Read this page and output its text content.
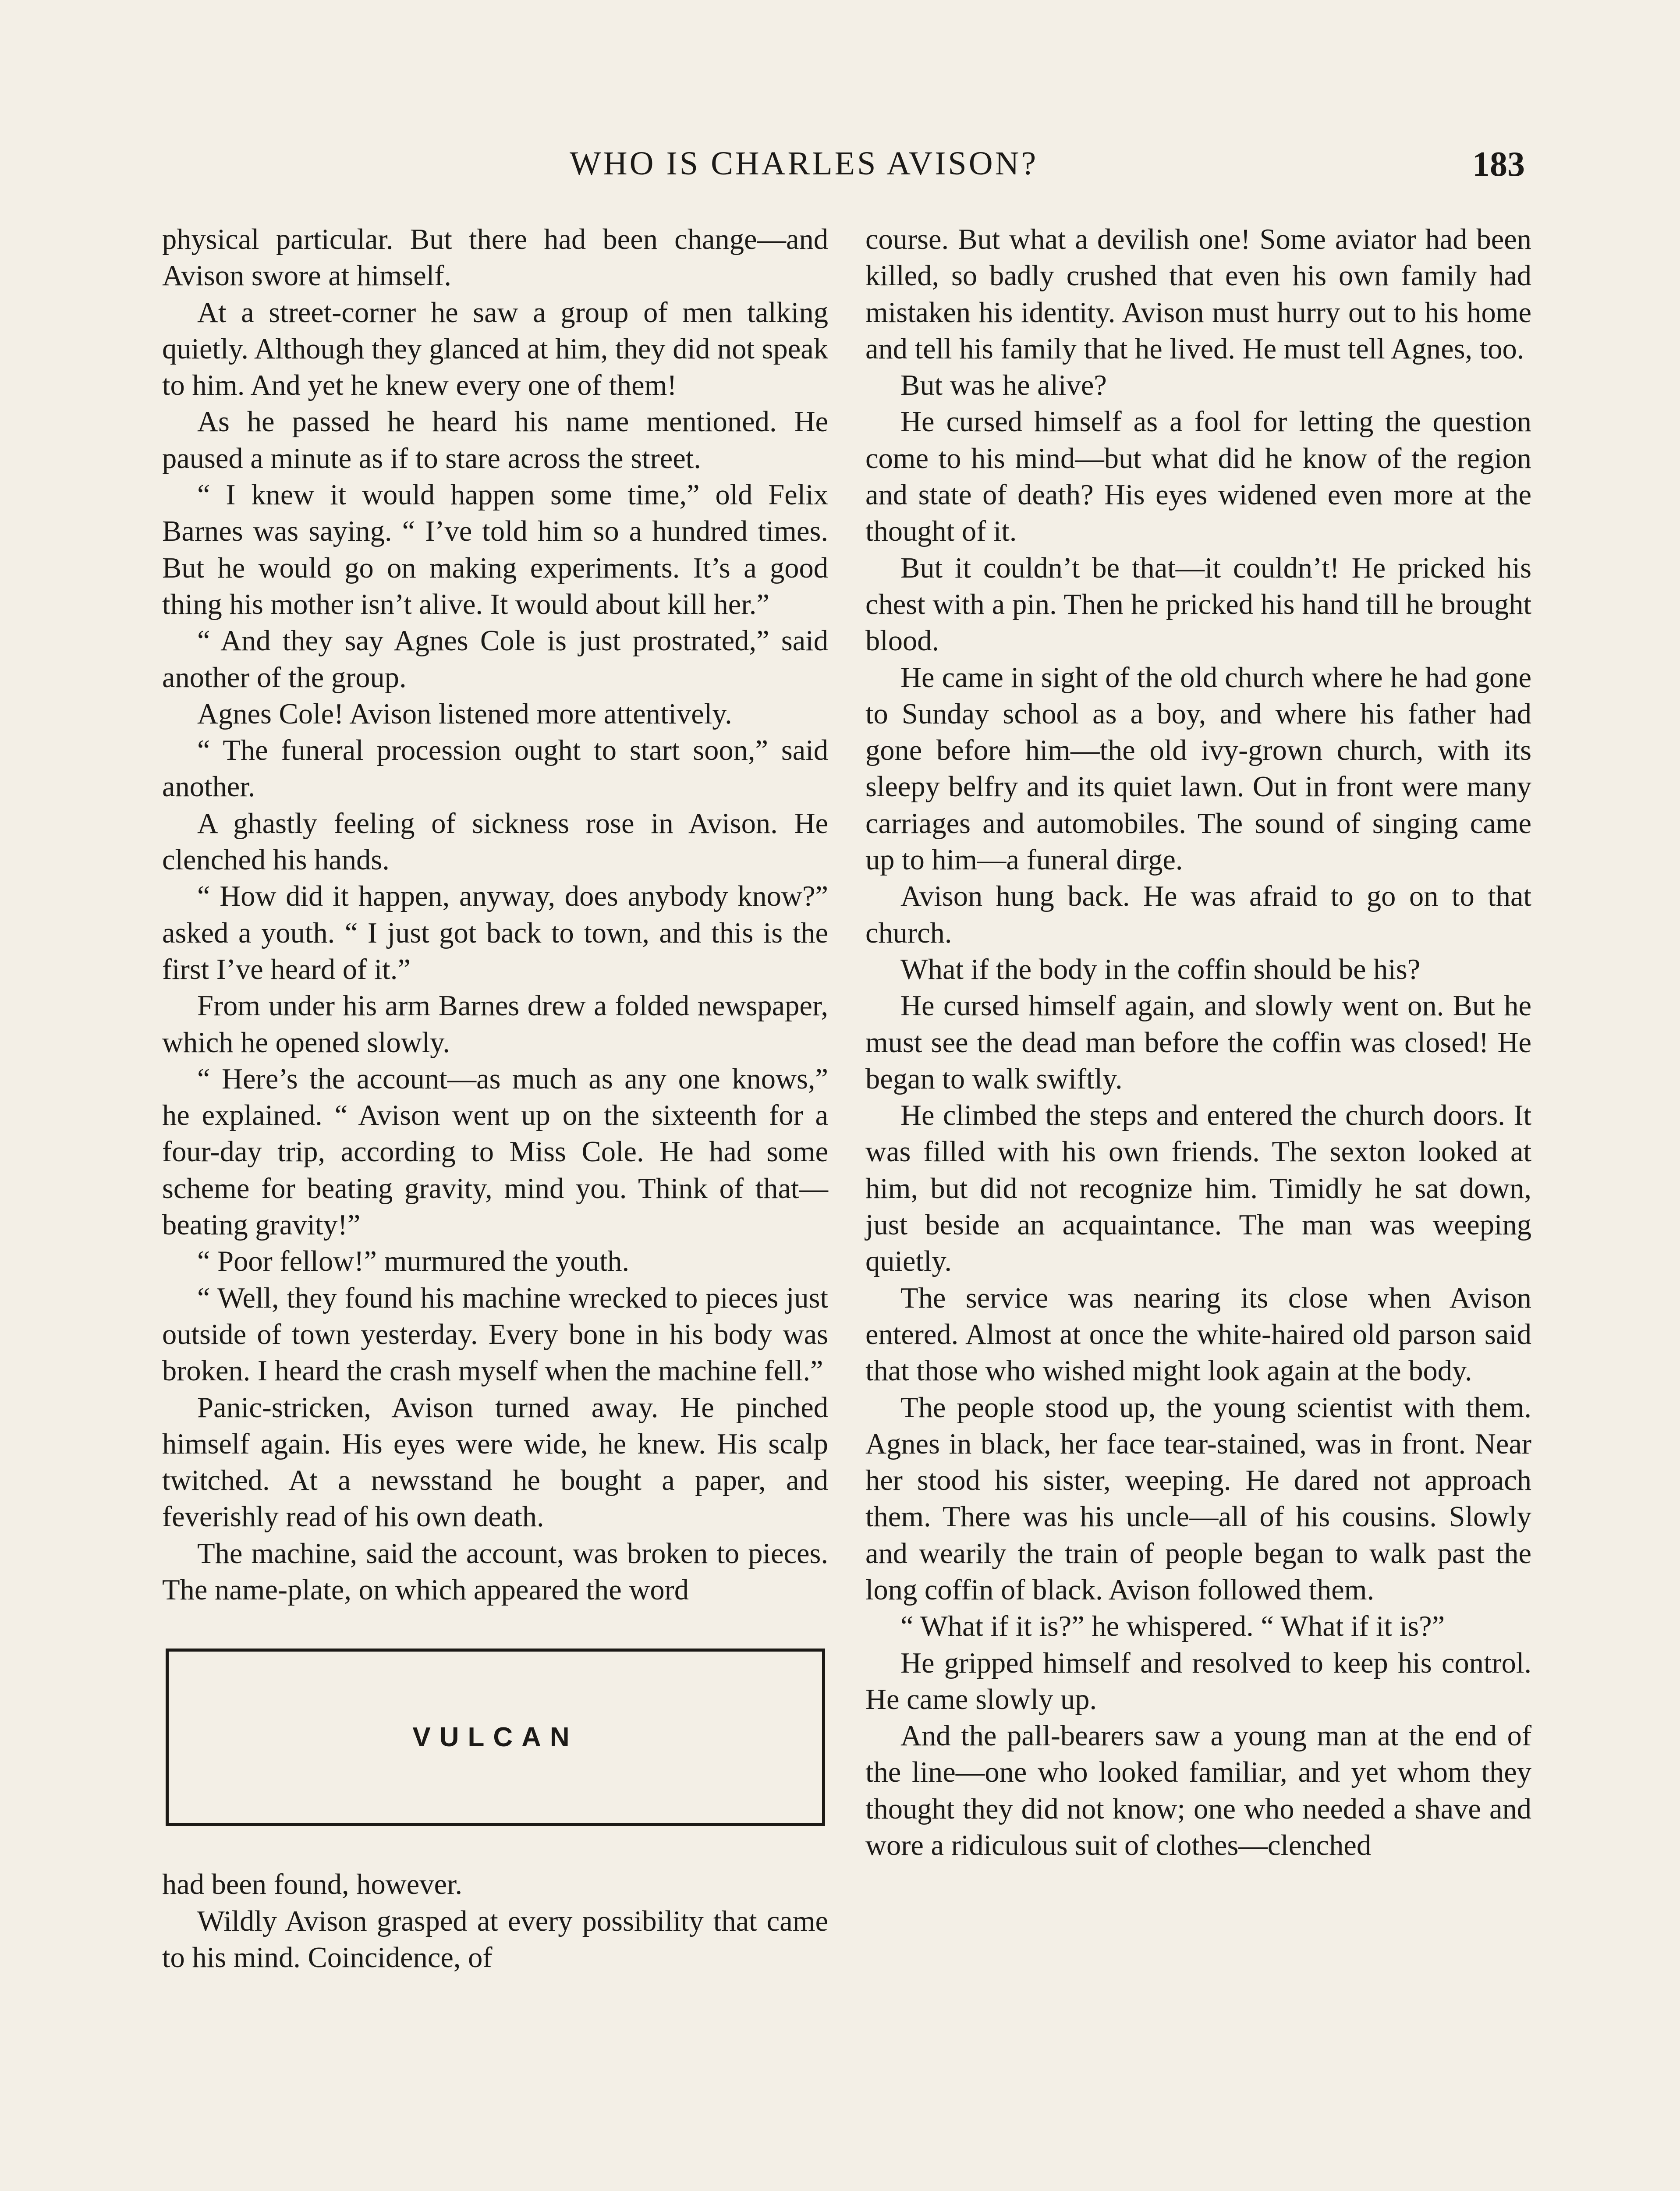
WHO IS CHARLES AVISON?	183

physical particular. But there had been change—and Avison swore at himself.

At a street-corner he saw a group of men talking quietly. Although they glanced at him, they did not speak to him. And yet he knew every one of them!

As he passed he heard his name mentioned. He paused a minute as if to stare across the street.

“ I knew it would happen some time,” old Felix Barnes was saying. “ I’ve told him so a hundred times. But he would go on making experiments. It’s a good thing his mother isn’t alive. It would about kill her.”

“ And they say Agnes Cole is just prostrated,” said another of the group.

Agnes Cole! Avison listened more attentively.

“ The funeral procession ought to start soon,” said another.

A ghastly feeling of sickness rose in Avison. He clenched his hands.

“ How did it happen, anyway, does anybody know?” asked a youth. “ I just got back to town, and this is the first I’ve heard of it.”

From under his arm Barnes drew a folded newspaper, which he opened slowly.

“ Here’s the account—as much as any one knows,” he explained. “ Avison went up on the sixteenth for a four-day trip, according to Miss Cole. He had some scheme for beating gravity, mind you. Think of that—beating gravity!”

“ Poor fellow!” murmured the youth.

“ Well, they found his machine wrecked to pieces just outside of town yesterday. Every bone in his body was broken. I heard the crash myself when the machine fell.”

Panic-stricken, Avison turned away. He pinched himself again. His eyes were wide, he knew. His scalp twitched. At a newsstand he bought a paper, and feverishly read of his own death.

The machine, said the account, was broken to pieces. The name-plate, on which appeared the word

VULCAN

had been found, however.

Wildly Avison grasped at every possibility that came to his mind. Coincidence, of

course. But what a devilish one! Some aviator had been killed, so badly crushed that even his own family had mistaken his identity. Avison must hurry out to his home and tell his family that he lived. He must tell Agnes, too.

But was he alive?

He cursed himself as a fool for letting the question come to his mind—but what did he know of the region and state of death? His eyes widened even more at the thought of it.

But it couldn’t be that—it couldn’t! He pricked his chest with a pin. Then he pricked his hand till he brought blood.

He came in sight of the old church where he had gone to Sunday school as a boy, and where his father had gone before him—the old ivy-grown church, with its sleepy belfry and its quiet lawn. Out in front were many carriages and automobiles. The sound of singing came up to him—a funeral dirge.

Avison hung back. He was afraid to go on to that church.

What if the body in the coffin should be his?

He cursed himself again, and slowly went on. But he must see the dead man before the coffin was closed! He began to walk swiftly.

He climbed the steps and entered the church doors. It was filled with his own friends. The sexton looked at him, but did not recognize him. Timidly he sat down, just beside an acquaintance. The man was weeping quietly.

The service was nearing its close when Avison entered. Almost at once the white-haired old parson said that those who wished might look again at the body.

The people stood up, the young scientist with them. Agnes in black, her face tear-stained, was in front. Near her stood his sister, weeping. He dared not approach them. There was his uncle—all of his cousins. Slowly and wearily the train of people began to walk past the long coffin of black. Avison followed them.

“ What if it is?” he whispered. “ What if it is?”

He gripped himself and resolved to keep his control. He came slowly up.

And the pall-bearers saw a young man at the end of the line—one who looked familiar, and yet whom they thought they did not know; one who needed a shave and wore a ridiculous suit of clothes—clenched
